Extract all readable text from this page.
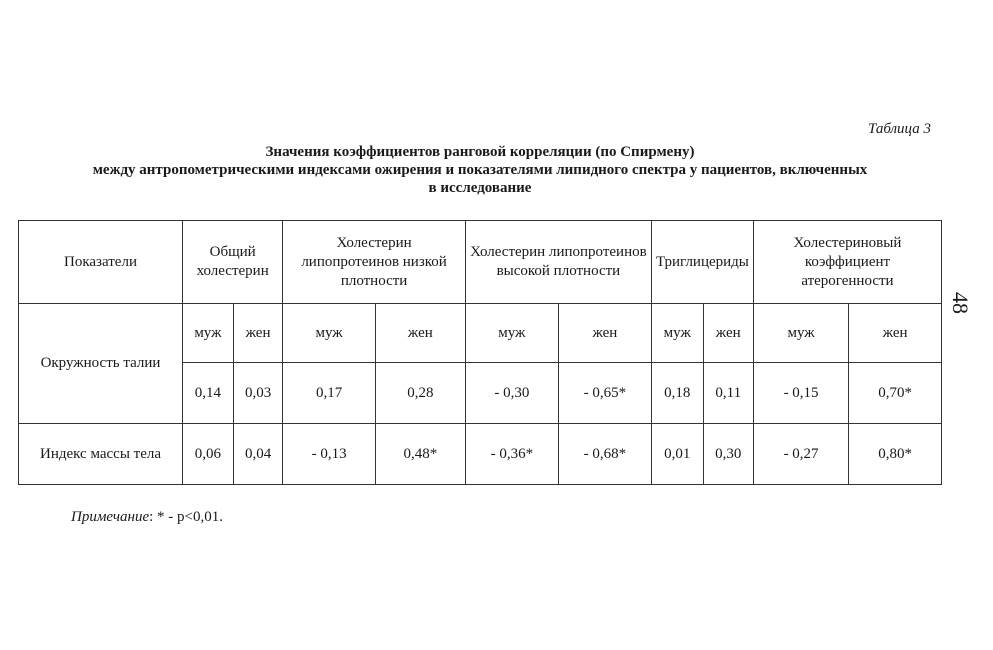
Таблица 3
Значения коэффициентов ранговой корреляции (по Спирмену)
между антропометрическими индексами ожирения и показателями липидного спектра у пациентов, включенных
в исследование
48
Показатели	Общий холестерин		Холестерин липопротеинов низкой плотности		Холестерин липопротеинов высокой плотности		Триглицериды		Холестериновый коэффициент атерогенности	
Окружность талии	муж	жен	муж	жен	муж	жен	муж	жен	муж	жен
	0,14	0,03	0,17	0,28	- 0,30	- 0,65*	0,18	0,11	- 0,15	0,70*
Индекс массы тела	0,06	0,04	- 0,13	0,48*	- 0,36*	- 0,68*	0,01	0,30	- 0,27	0,80*
Примечание: * - p<0,01.
